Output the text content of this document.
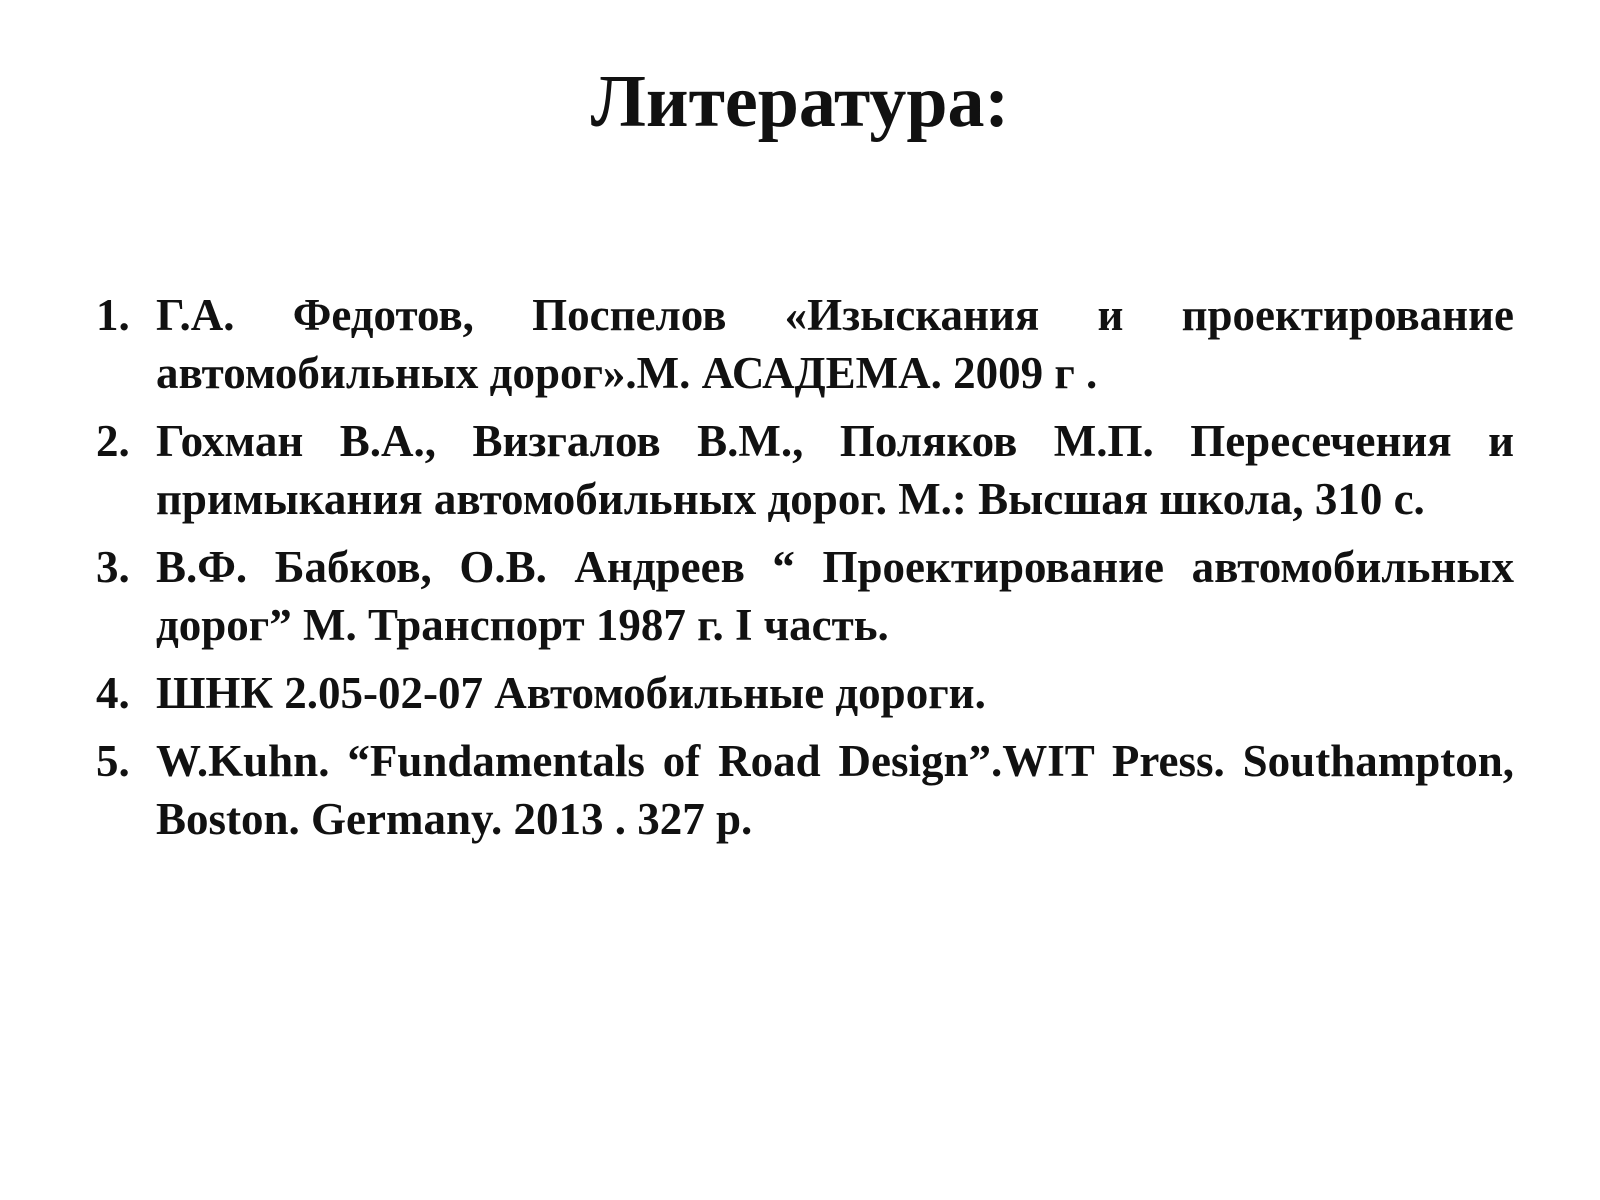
Литература:
1. Г.А. Федотов, Поспелов «Изыскания и проектирование автомобильных дорог».М. АСАДЕМА. 2009 г .
2. Гохман В.А., Визгалов В.М., Поляков М.П. Пересечения и примыкания автомобильных дорог. М.: Высшая школа, 310 с.
3. В.Ф. Бабков, О.В. Андреев “ Проектирование автомобильных дорог” М. Транспорт 1987 г. I часть.
4. ШНК 2.05-02-07 Автомобильные дороги.
5. W.Kuhn. “Fundamentals of Road Design”.WIT Press. Southampton, Boston. Germany. 2013 . 327 p.
